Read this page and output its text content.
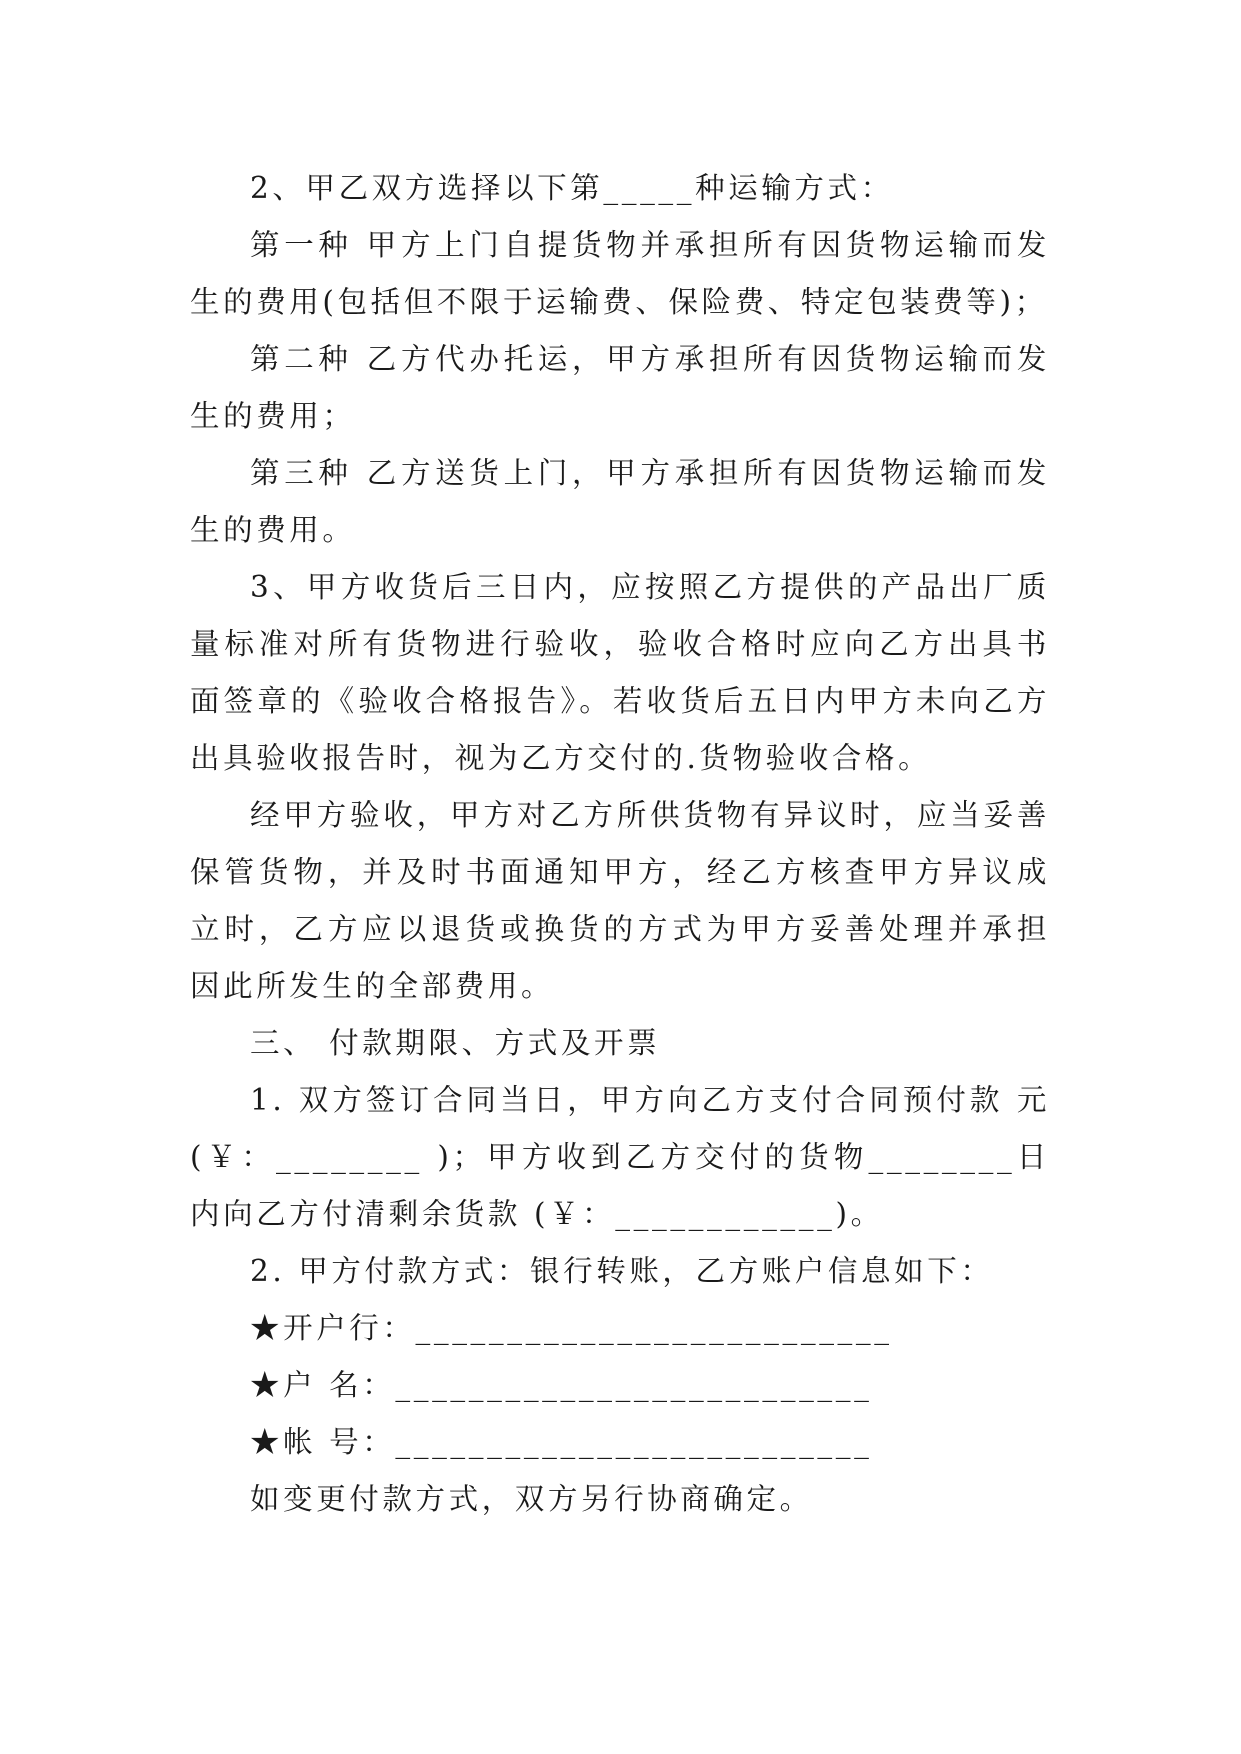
2、甲乙双方选择以下第_____种运输方式：

第一种 甲方上门自提货物并承担所有因货物运输而发生的费用(包括但不限于运输费、保险费、特定包装费等)；

第二种 乙方代办托运，甲方承担所有因货物运输而发生的费用；

第三种 乙方送货上门，甲方承担所有因货物运输而发生的费用。

3、甲方收货后三日内，应按照乙方提供的产品出厂质量标准对所有货物进行验收，验收合格时应向乙方出具书面签章的《验收合格报告》。若收货后五日内甲方未向乙方出具验收报告时，视为乙方交付的.货物验收合格。

经甲方验收，甲方对乙方所供货物有异议时，应当妥善保管货物，并及时书面通知甲方，经乙方核查甲方异议成立时，乙方应以退货或换货的方式为甲方妥善处理并承担因此所发生的全部费用。

三、 付款期限、方式及开票

1. 双方签订合同当日，甲方向乙方支付合同预付款 元(￥：________ )；甲方收到乙方交付的货物________日内向乙方付清剩余货款 (￥：____________)。

2. 甲方付款方式：银行转账，乙方账户信息如下：

★开户行：__________________________

★户 名：__________________________

★帐 号：__________________________

如变更付款方式，双方另行协商确定。
